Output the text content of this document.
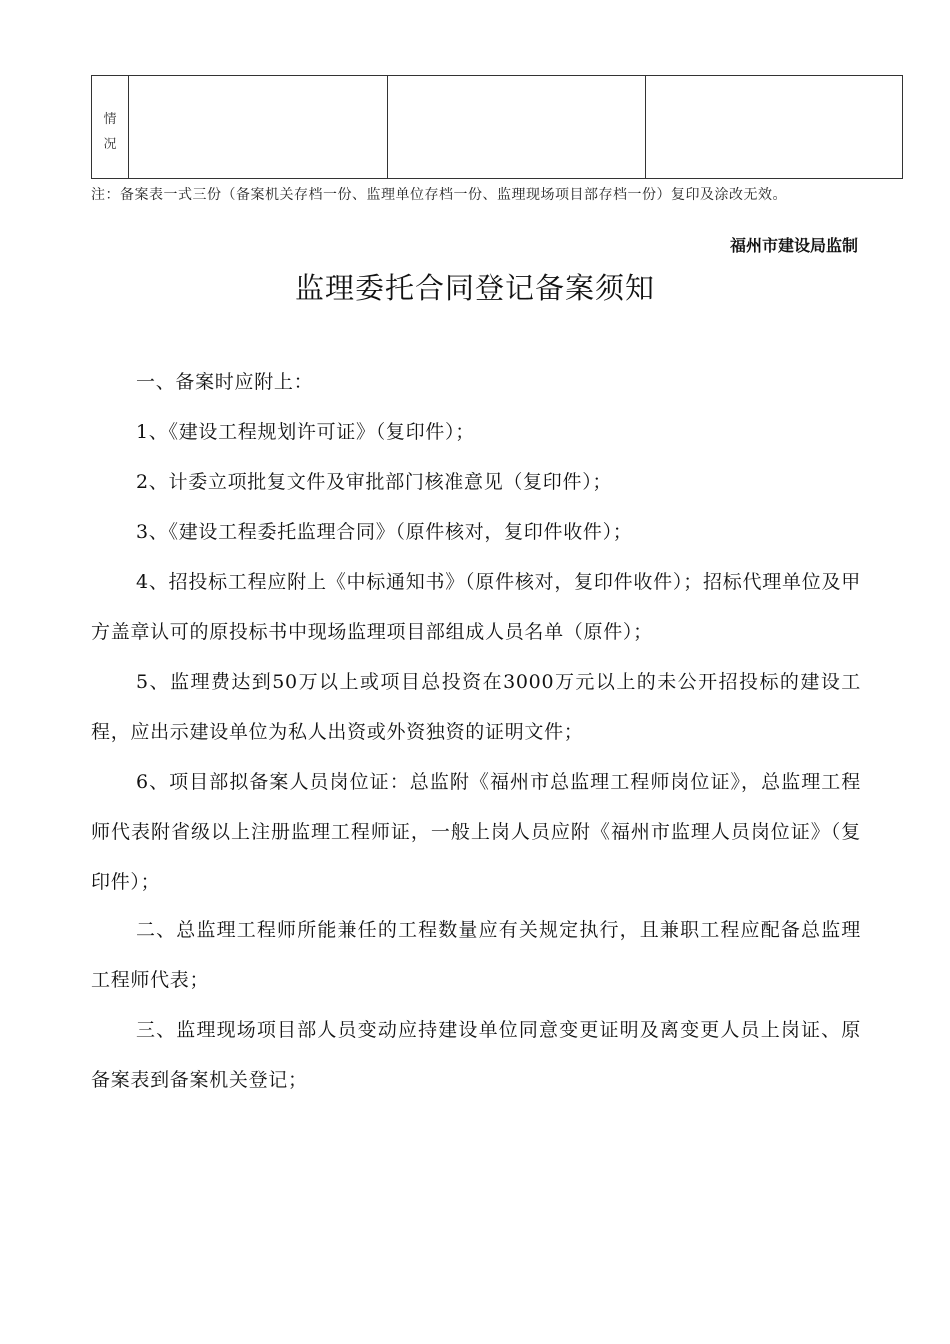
情
况
注：备案表一式三份（备案机关存档一份、监理单位存档一份、监理现场项目部存档一份）复印及涂改无效。
福州市建设局监制
监理委托合同登记备案须知
一、备案时应附上：
1、《建设工程规划许可证》（复印件）；
2、计委立项批复文件及审批部门核准意见（复印件）；
3、《建设工程委托监理合同》（原件核对，复印件收件）；
4、招投标工程应附上《中标通知书》（原件核对，复印件收件）；招标代理单位及甲方盖章认可的原投标书中现场监理项目部组成人员名单（原件）；
5、监理费达到50万以上或项目总投资在3000万元以上的未公开招投标的建设工程，应出示建设单位为私人出资或外资独资的证明文件；
6、项目部拟备案人员岗位证：总监附《福州市总监理工程师岗位证》，总监理工程师代表附省级以上注册监理工程师证，一般上岗人员应附《福州市监理人员岗位证》（复印件）；
二、总监理工程师所能兼任的工程数量应有关规定执行，且兼职工程应配备总监理工程师代表；
三、监理现场项目部人员变动应持建设单位同意变更证明及离变更人员上岗证、原备案表到备案机关登记；
